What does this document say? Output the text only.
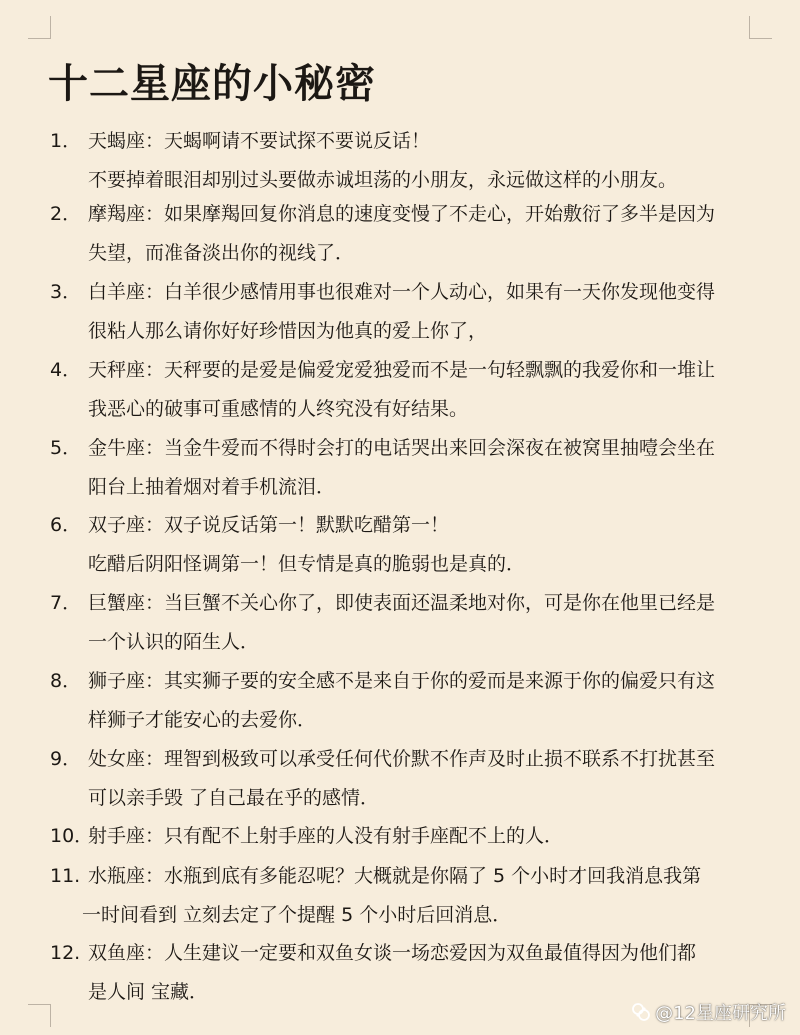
十二星座的小秘密
1． 天蝎座：天蝎啊请不要试探不要说反话！
不要掉着眼泪却别过头要做赤诚坦荡的小朋友，永远做这样的小朋友。
2． 摩羯座：如果摩羯回复你消息的速度变慢了不走心，开始敷衍了多半是因为
失望，而准备淡出你的视线了．
3． 白羊座：白羊很少感情用事也很难对一个人动心，如果有一天你发现他变得
很粘人那么请你好好珍惜因为他真的爱上你了，
4． 天秤座：天秤要的是爱是偏爱宠爱独爱而不是一句轻飘飘的我爱你和一堆让
我恶心的破事可重感情的人终究没有好结果。
5． 金牛座：当金牛爱而不得时会打的电话哭出来回会深夜在被窝里抽噎会坐在
阳台上抽着烟对着手机流泪．
6． 双子座：双子说反话第一！默默吃醋第一！
吃醋后阴阳怪调第一！但专情是真的脆弱也是真的．
7． 巨蟹座：当巨蟹不关心你了，即使表面还温柔地对你，可是你在他里已经是
一个认识的陌生人．
8． 狮子座：其实狮子要的安全感不是来自于你的爱而是来源于你的偏爱只有这
样狮子才能安心的去爱你．
9． 处女座：理智到极致可以承受任何代价默不作声及时止损不联系不打扰甚至
可以亲手毁 了自己最在乎的感情．
10．
射手座：只有配不上射手座的人没有射手座配不上的人．
11. 水瓶座：水瓶到底有多能忍呢？大概就是你隔了 5 个小时才回我消息我第
一时间看到 立刻去定了个提醒 5 个小时后回消息．
12. 双鱼座：人生建议一定要和双鱼女谈一场恋爱因为双鱼最值得因为他们都
是人间 宝藏．
@12星座研究所
